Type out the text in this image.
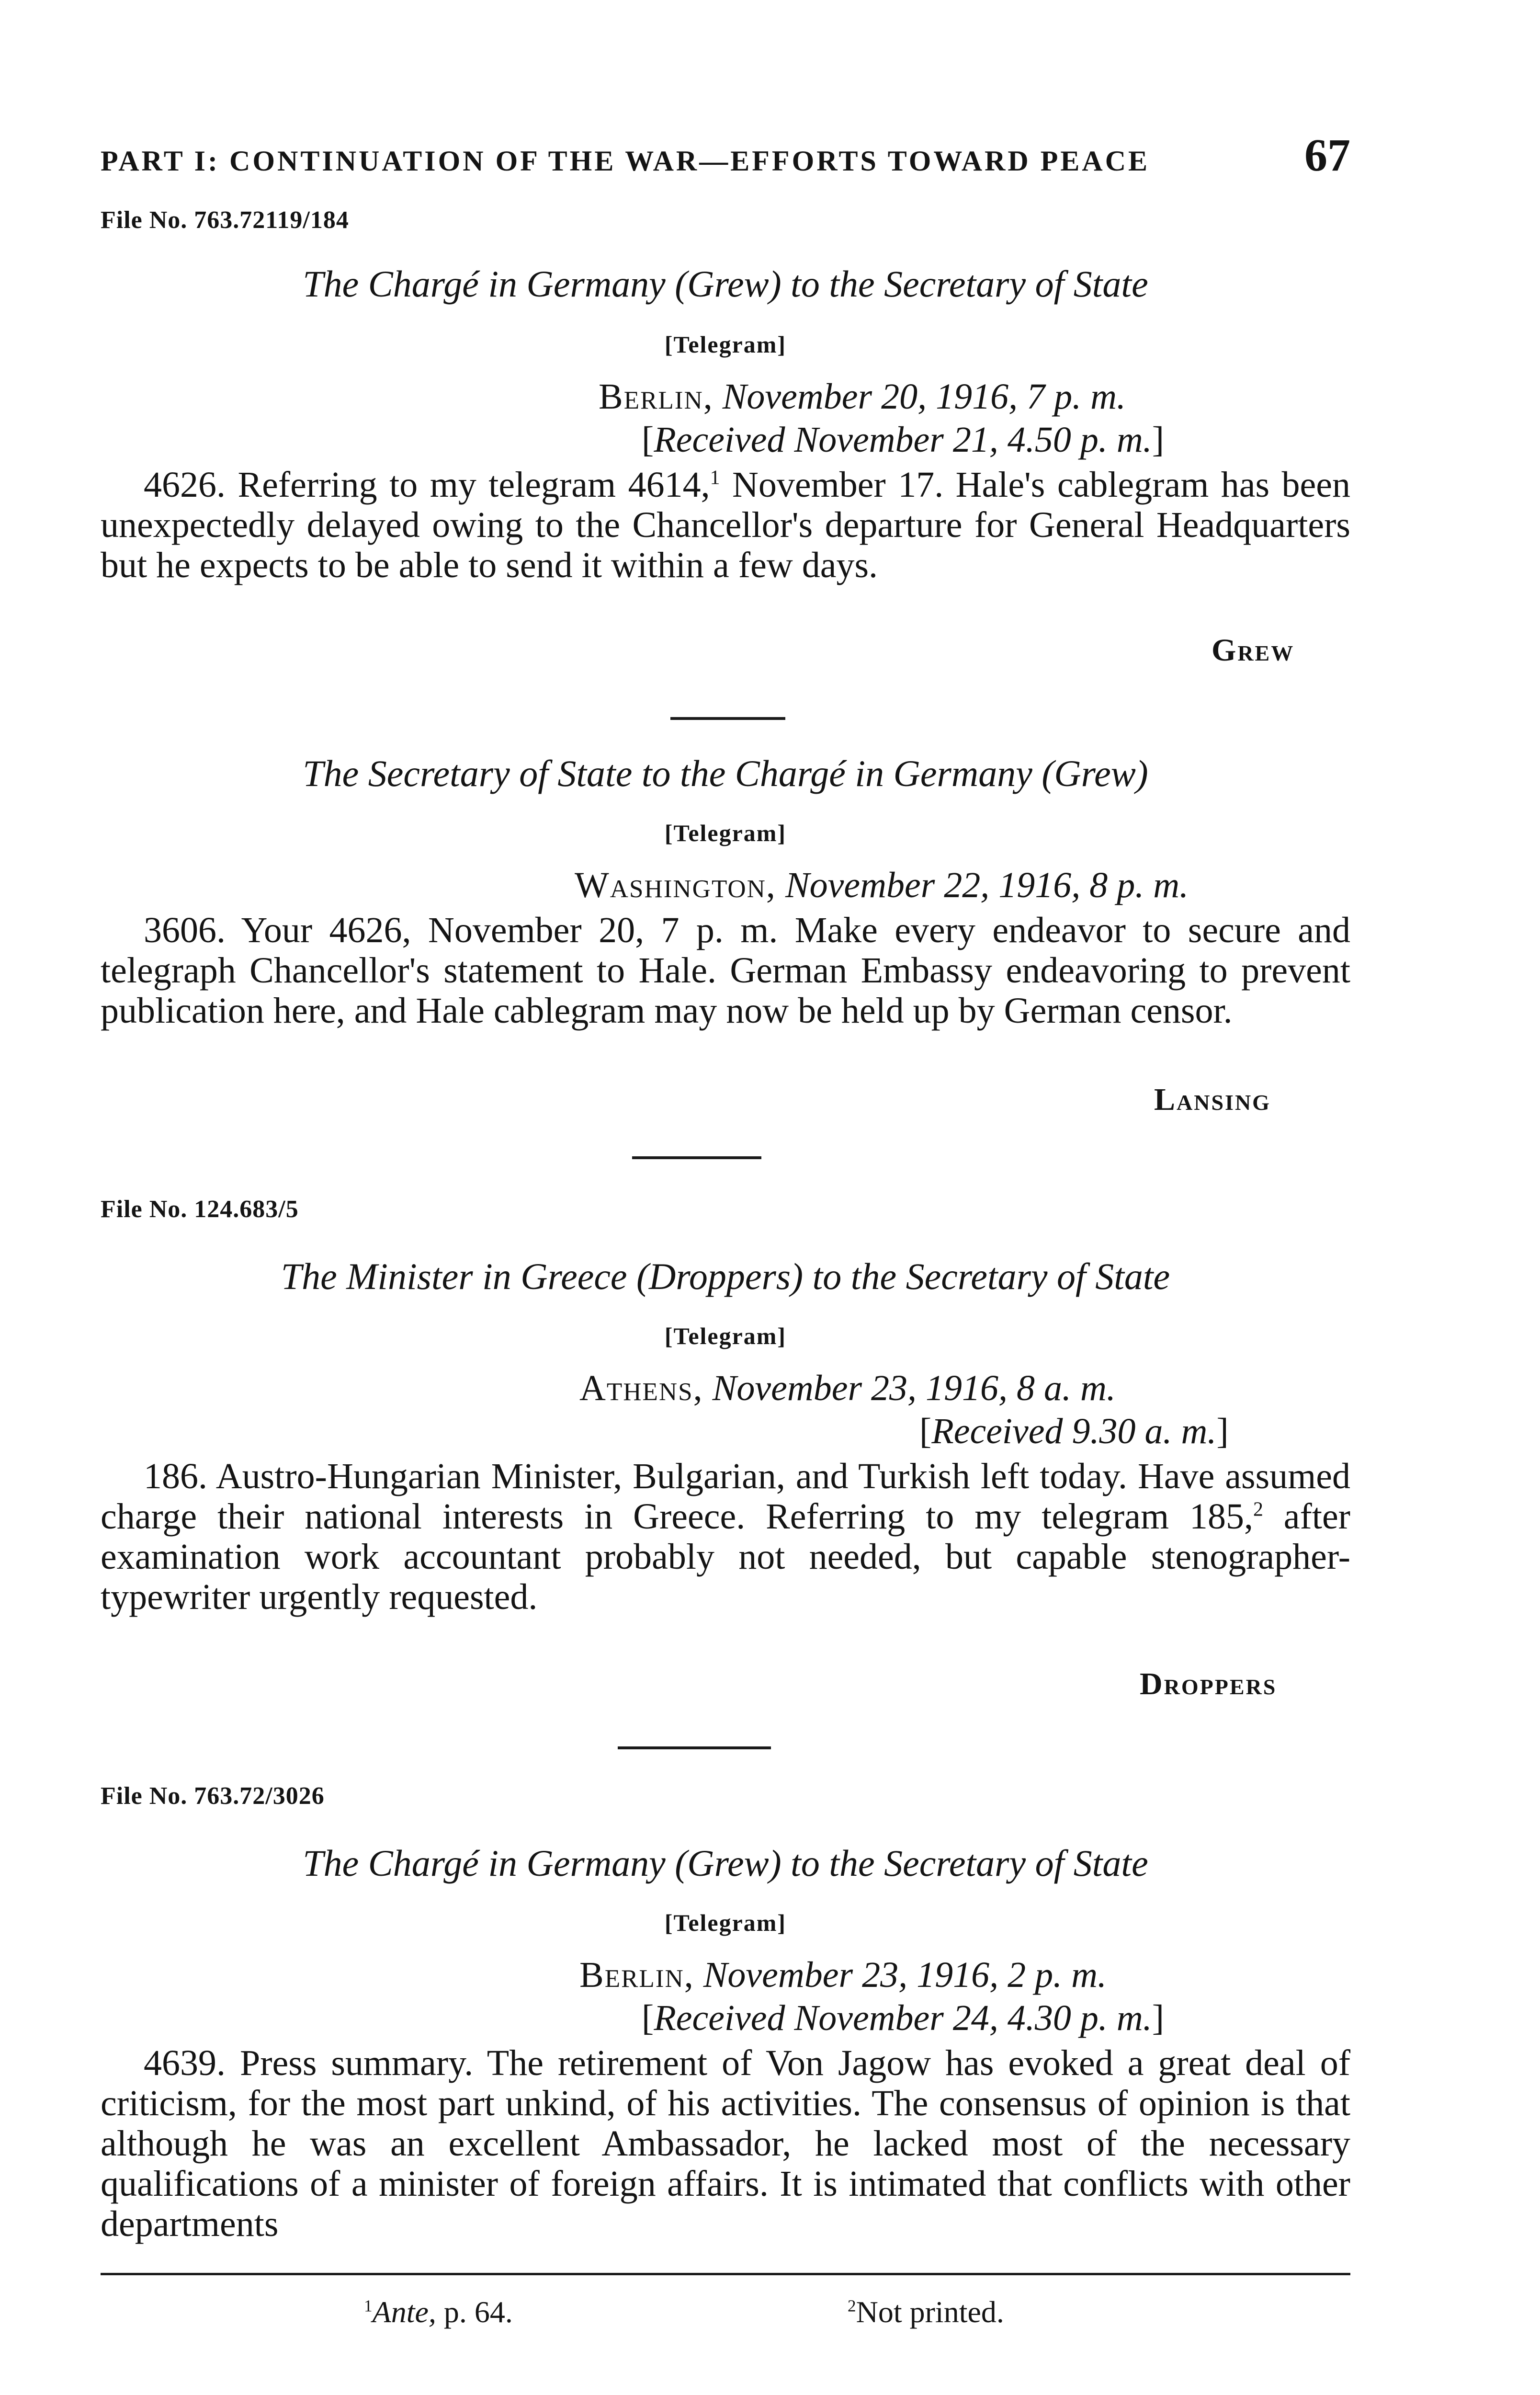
PART I: CONTINUATION OF THE WAR—EFFORTS TOWARD PEACE	67
File No. 763.72119/184
The Chargé in Germany (Grew) to the Secretary of State
[Telegram]
Berlin, November 20, 1916, 7 p. m.
[Received November 21, 4.50 p. m.]
4626. Referring to my telegram 4614,$^1$ November 17. Hale's cablegram has been unexpectedly delayed owing to the Chancellor's departure for General Headquarters but he expects to be able to send it within a few days.
Grew
The Secretary of State to the Chargé in Germany (Grew)
[Telegram]
Washington, November 22, 1916, 8 p. m.
3606. Your 4626, November 20, 7 p. m. Make every endeavor to secure and telegraph Chancellor's statement to Hale. German Embassy endeavoring to prevent publication here, and Hale cablegram may now be held up by German censor.
Lansing
File No. 124.683/5
The Minister in Greece (Droppers) to the Secretary of State
[Telegram]
Athens, November 23, 1916, 8 a. m.
[Received 9.30 a. m.]
186. Austro-Hungarian Minister, Bulgarian, and Turkish left today. Have assumed charge their national interests in Greece. Referring to my telegram 185,$^2$ after examination work accountant probably not needed, but capable stenographer-typewriter urgently requested.
Droppers
File No. 763.72/3026
The Chargé in Germany (Grew) to the Secretary of State
[Telegram]
Berlin, November 23, 1916, 2 p. m.
[Received November 24, 4.30 p. m.]
4639. Press summary. The retirement of Von Jagow has evoked a great deal of criticism, for the most part unkind, of his activities. The consensus of opinion is that although he was an excellent Ambassador, he lacked most of the necessary qualifications of a minister of foreign affairs. It is intimated that conflicts with other departments
$^1$Ante, p. 64.	$^2$Not printed.
